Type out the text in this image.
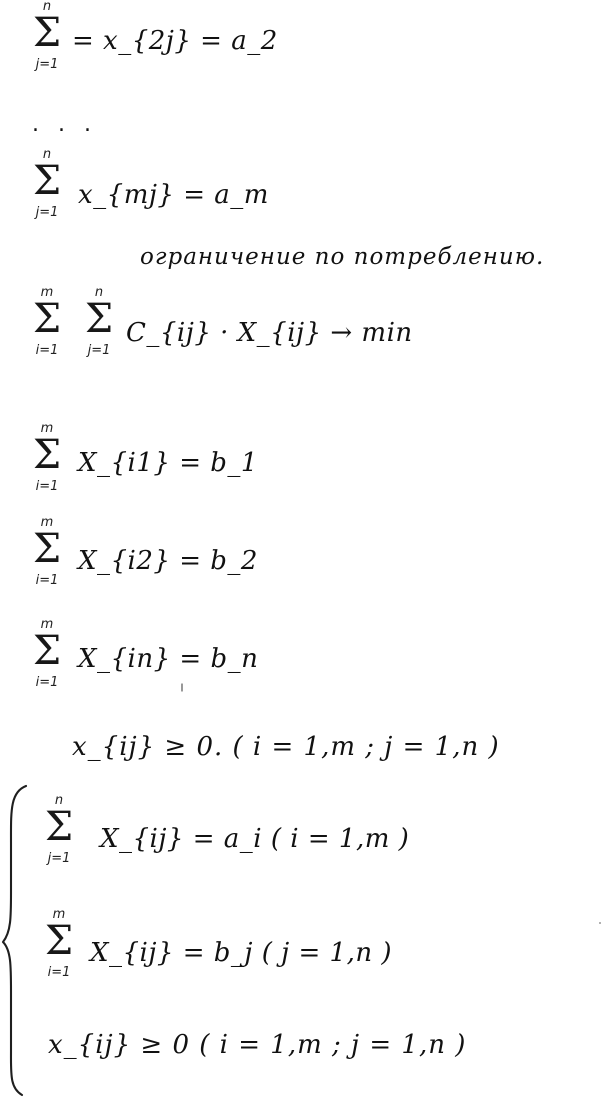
n
Σ
j=1
= x_{2j} = a_2
. . .
n
Σ
j=1
x_{mj} = a_m
ограничение по потреблению.
m
Σ
i=1
n
Σ
j=1
C_{ij} · X_{ij} → min
m
Σ
i=1
X_{i1} = b_1
m
Σ
i=1
X_{i2} = b_2
m
Σ
i=1
X_{in} = b_n
x_{ij} ≥ 0. ( i = 1,m ; j = 1,n )
n
Σ
j=1
X_{ij} = a_i ( i = 1,m )
m
Σ
i=1
X_{ij} = b_j ( j = 1,n )
x_{ij} ≥ 0 ( i = 1,m ; j = 1,n )
